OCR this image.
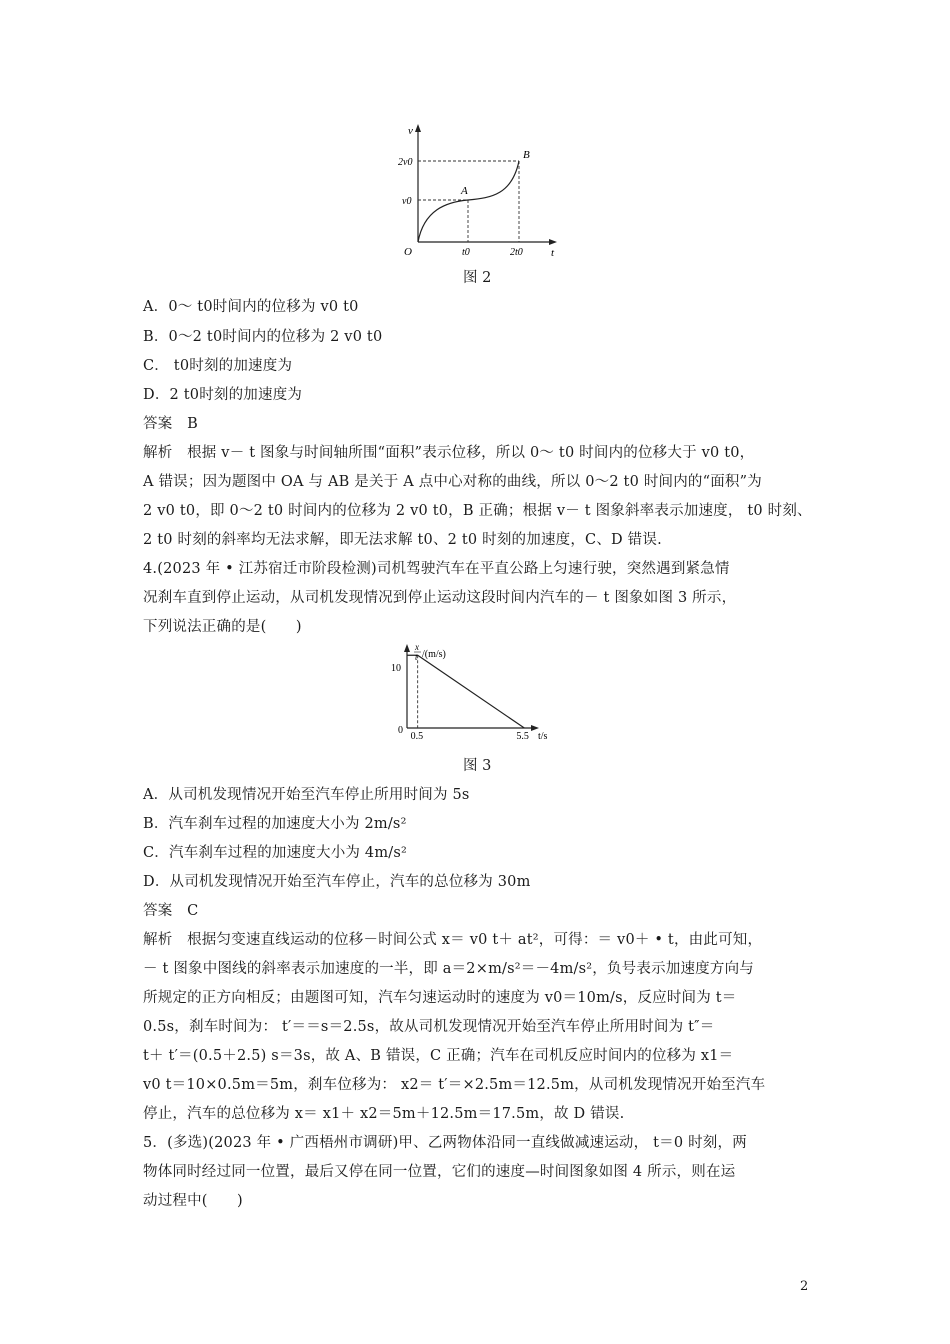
v
t
O
2v0
v0
A
B
t0	2t0
图 2
A．0～ t0时间内的位移为 v0 t0
B．0～2 t0时间内的位移为 2 v0 t0
C． t0时刻的加速度为
D．2 t0时刻的加速度为
答案　B
解析　根据 v－ t 图象与时间轴所围“面积”表示位移，所以 0～ t0 时间内的位移大于 v0 t0，
A 错误；因为题图中 OA 与 AB 是关于 A 点中心对称的曲线，所以 0～2 t0 时间内的“面积”为
2 v0 t0，即 0～2 t0 时间内的位移为 2 v0 t0，B 正确；根据 v－ t 图象斜率表示加速度， t0 时刻、
2 t0 时刻的斜率均无法求解，即无法求解 t0、2 t0 时刻的加速度，C、D 错误.
4.(2023 年 • 江苏宿迁市阶段检测)司机驾驶汽车在平直公路上匀速行驶，突然遇到紧急情
况刹车直到停止运动，从司机发现情况到停止运动这段时间内汽车的－ t 图象如图 3 所示，
下列说法正确的是(　　)
x
t /(m/s)
t/s
10
0
0.5	5.5
图 3
A．从司机发现情况开始至汽车停止所用时间为 5s
B．汽车刹车过程的加速度大小为 2m/s²
C．汽车刹车过程的加速度大小为 4m/s²
D．从司机发现情况开始至汽车停止，汽车的总位移为 30m
答案　C
解析　根据匀变速直线运动的位移－时间公式 x＝ v0 t＋ at²，可得：＝ v0＋ • t，由此可知，
－ t 图象中图线的斜率表示加速度的一半，即 a＝2×m/s²＝－4m/s²，负号表示加速度方向与
所规定的正方向相反；由题图可知，汽车匀速运动时的速度为 v0＝10m/s，反应时间为 t＝
0.5s，刹车时间为： t′＝＝s＝2.5s，故从司机发现情况开始至汽车停止所用时间为 t″＝
t＋ t′＝(0.5＋2.5) s＝3s，故 A、B 错误，C 正确；汽车在司机反应时间内的位移为 x1＝
v0 t＝10×0.5m＝5m，刹车位移为： x2＝ t′＝×2.5m＝12.5m，从司机发现情况开始至汽车
停止，汽车的总位移为 x＝ x1＋ x2＝5m＋12.5m＝17.5m，故 D 错误.
5．(多选)(2023 年 • 广西梧州市调研)甲、乙两物体沿同一直线做减速运动， t＝0 时刻，两
物体同时经过同一位置，最后又停在同一位置，它们的速度—时间图象如图 4 所示，则在运
动过程中(　　)
2
